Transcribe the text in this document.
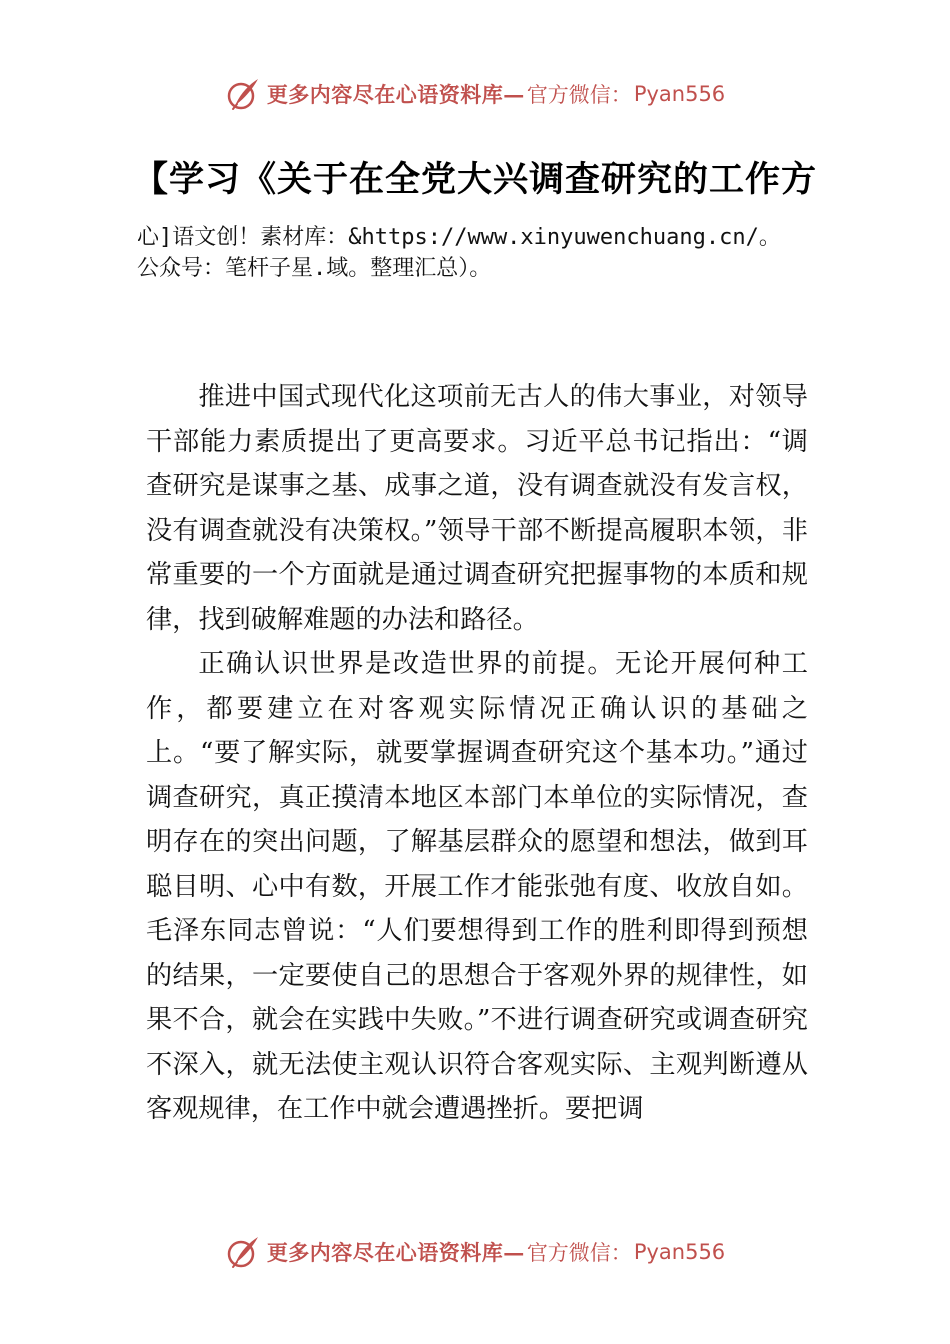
更多内容尽在心语资料库— 官方微信： Pyan556
【学习《关于在全党大兴调查研究的工作方
心]语文创！素材库：&https://www.xinyuwenchuang.cn/。
公众号：笔杆子星.域。整理汇总）。

推进中国式现代化这项前无古人的伟大事业，对领导干部能力素质提出了更高要求。习近平总书记指出：“调查研究是谋事之基、成事之道，没有调查就没有发言权，没有调查就没有决策权。”领导干部不断提高履职本领，非常重要的一个方面就是通过调查研究把握事物的本质和规律，找到破解难题的办法和路径。

正确认识世界是改造世界的前提。无论开展何种工作，都要建立在对客观实际情况正确认识的基础之上。“要了解实际，就要掌握调查研究这个基本功。”通过调查研究，真正摸清本地区本部门本单位的实际情况，查明存在的突出问题，了解基层群众的愿望和想法，做到耳聪目明、心中有数，开展工作才能张弛有度、收放自如。毛泽东同志曾说：“人们要想得到工作的胜利即得到预想的结果，一定要使自己的思想合于客观外界的规律性，如果不合，就会在实践中失败。”不进行调查研究或调查研究不深入，就无法使主观认识符合客观实际、主观判断遵从客观规律，在工作中就会遭遇挫折。要把调

更多内容尽在心语资料库— 官方微信： Pyan556
